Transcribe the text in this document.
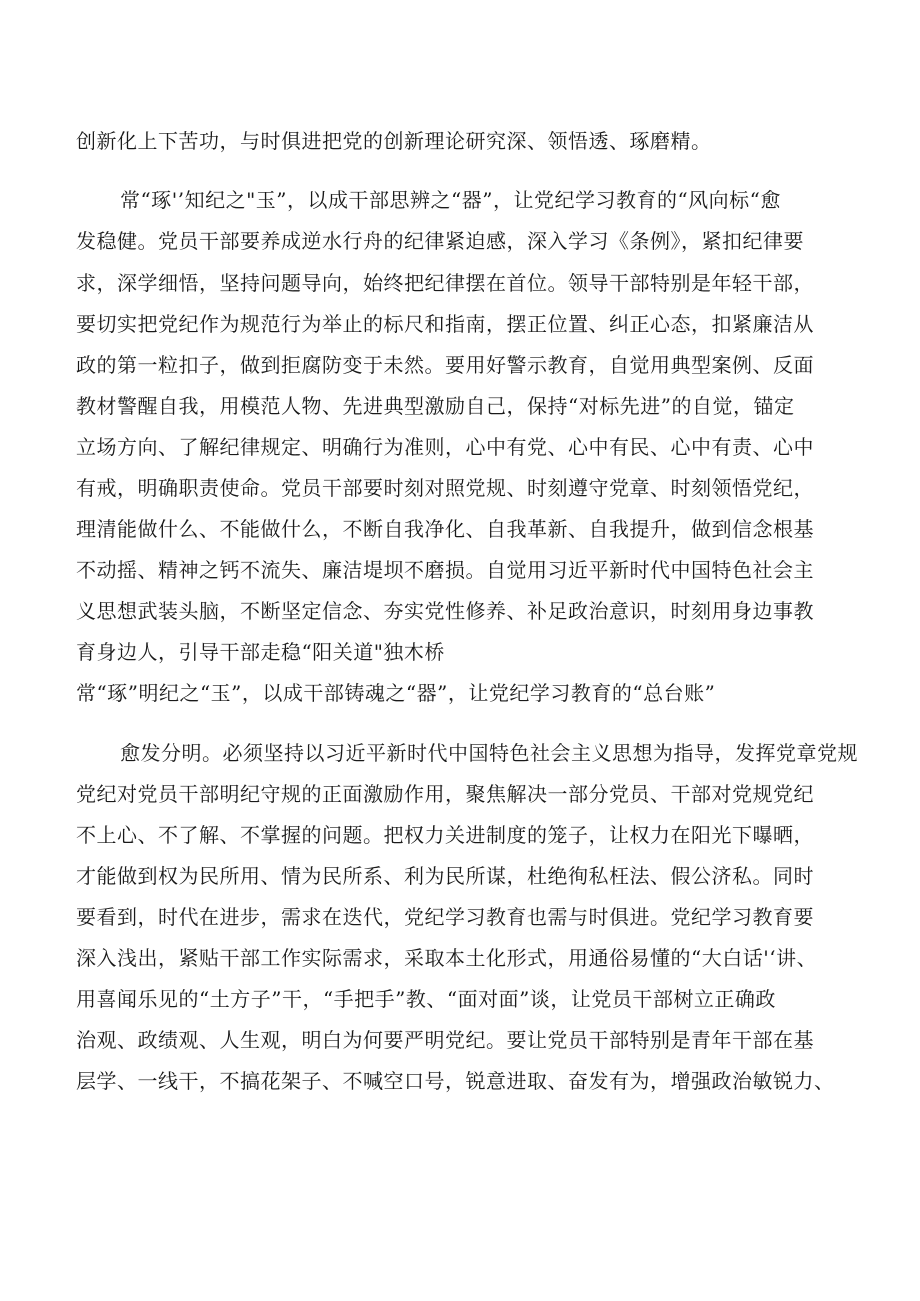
创新化上下苦功，与时俱进把党的创新理论研究深、领悟透、琢磨精。
常“琢'’知纪之"玉”，以成干部思辨之“器”，让党纪学习教育的“风向标“愈
发稳健。党员干部要养成逆水行舟的纪律紧迫感，深入学习《条例》，紧扣纪律要
求，深学细悟，坚持问题导向，始终把纪律摆在首位。领导干部特别是年轻干部，
要切实把党纪作为规范行为举止的标尺和指南，摆正位置、纠正心态，扣紧廉洁从
政的第一粒扣子，做到拒腐防变于未然。要用好警示教育，自觉用典型案例、反面
教材警醒自我，用模范人物、先进典型激励自己，保持“对标先进”的自觉，锚定
立场方向、了解纪律规定、明确行为准则，心中有党、心中有民、心中有责、心中
有戒，明确职责使命。党员干部要时刻对照党规、时刻遵守党章、时刻领悟党纪，
理清能做什么、不能做什么，不断自我净化、自我革新、自我提升，做到信念根基
不动摇、精神之钙不流失、廉洁堤坝不磨损。自觉用习近平新时代中国特色社会主
义思想武装头脑，不断坚定信念、夯实党性修养、补足政治意识，时刻用身边事教
育身边人，引导干部走稳“阳关道"独木桥
常“琢”明纪之“玉”，以成干部铸魂之“器”，让党纪学习教育的“总台账”
愈发分明。必须坚持以习近平新时代中国特色社会主义思想为指导，发挥党章党规
党纪对党员干部明纪守规的正面激励作用，聚焦解决一部分党员、干部对党规党纪
不上心、不了解、不掌握的问题。把权力关进制度的笼子，让权力在阳光下曝晒，
才能做到权为民所用、情为民所系、利为民所谋，杜绝徇私枉法、假公济私。同时
要看到，时代在进步，需求在迭代，党纪学习教育也需与时俱进。党纪学习教育要
深入浅出，紧贴干部工作实际需求，采取本土化形式，用通俗易懂的“大白话'‘讲、
用喜闻乐见的“土方子”干，“手把手”教、“面对面”谈，让党员干部树立正确政
治观、政绩观、人生观，明白为何要严明党纪。要让党员干部特别是青年干部在基
层学、一线干，不搞花架子、不喊空口号，锐意进取、奋发有为，增强政治敏锐力、
